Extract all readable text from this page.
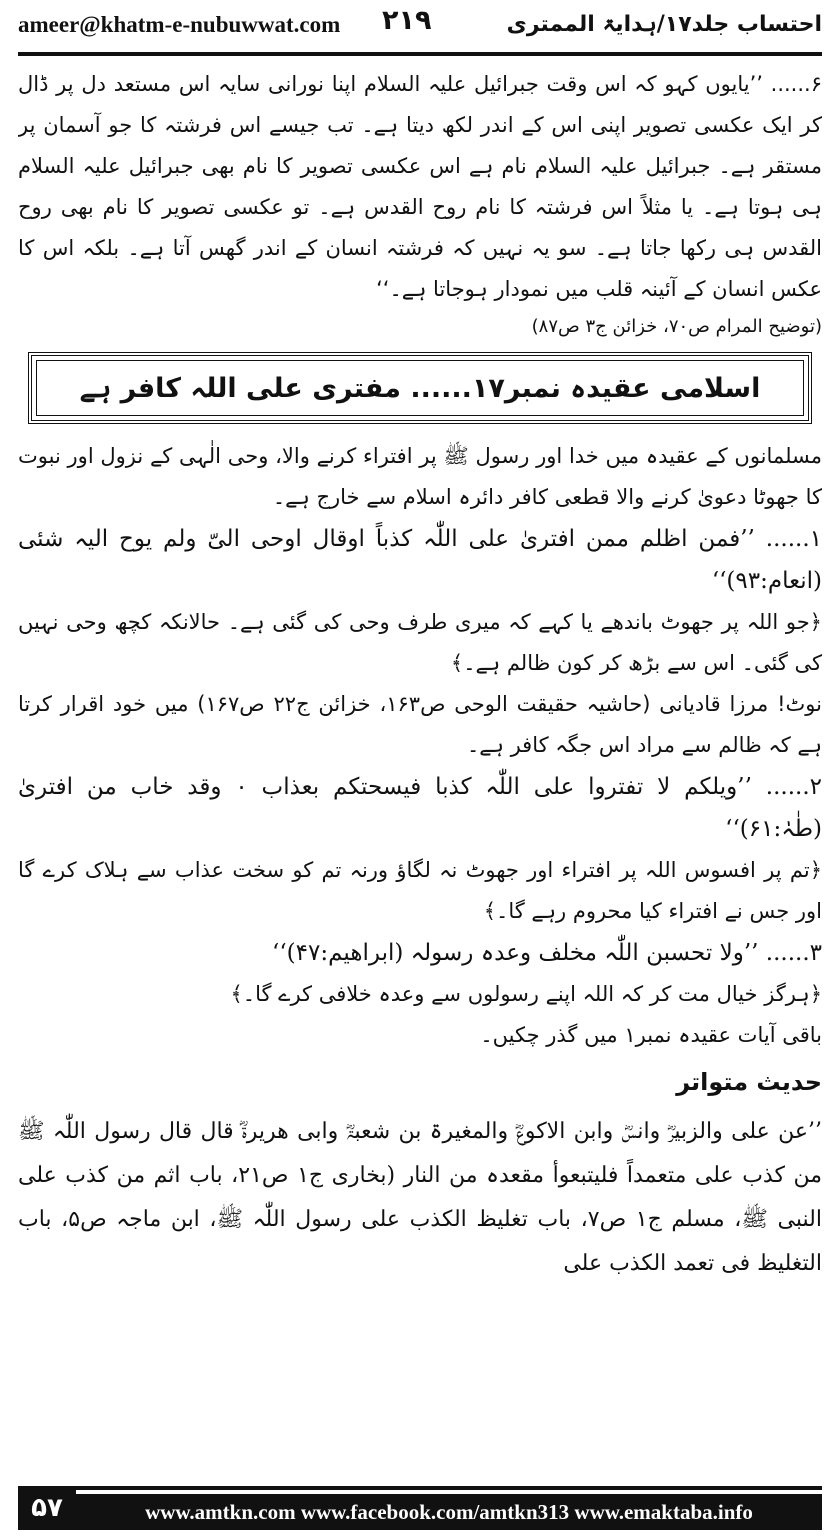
ameer@khatm-e-nubuwwat.com ۲۱۹	احتساب جلد۱۷/ہدایۃ الممتری

۶...... ’’یایوں کہو کہ اس وقت جبرائیل علیہ السلام اپنا نورانی سایہ اس مستعد دل پر ڈال کر ایک عکسی تصویر اپنی اس کے اندر لکھ دیتا ہے۔ تب جیسے اس فرشتہ کا جو آسمان پر مستقر ہے۔ جبرائیل علیہ السلام نام ہے اس عکسی تصویر کا نام بھی جبرائیل علیہ السلام ہی ہوتا ہے۔ یا مثلاً اس فرشتہ کا نام روح القدس ہے۔ تو عکسی تصویر کا نام بھی روح القدس ہی رکھا جاتا ہے۔ سو یہ نہیں کہ فرشتہ انسان کے اندر گھس آتا ہے۔ بلکہ اس کا عکس انسان کے آئینہ قلب میں نمودار ہوجاتا ہے۔‘‘

(توضیح المرام ص۷۰، خزائن ج۳ ص۸۷)

اسلامی عقیدہ نمبر۱۷...... مفتری علی اللہ کافر ہے

مسلمانوں کے عقیدہ میں خدا اور رسول ﷺ پر افتراء کرنے والا، وحی الٰہی کے نزول اور نبوت کا جھوٹا دعویٰ کرنے والا قطعی کافر دائرہ اسلام سے خارج ہے۔

۱...... ’’فمن اظلم ممن افتریٰ علی اللّٰہ کذباً اوقال اوحی الیّ ولم یوح الیہ شئی (انعام:۹۳)‘‘

﴿جو اللہ پر جھوٹ باندھے یا کہے کہ میری طرف وحی کی گئی ہے۔ حالانکہ کچھ وحی نہیں کی گئی۔ اس سے بڑھ کر کون ظالم ہے۔﴾

نوٹ! مرزا قادیانی (حاشیہ حقیقت الوحی ص۱۶۳، خزائن ج۲۲ ص۱۶۷) میں خود اقرار کرتا ہے کہ ظالم سے مراد اس جگہ کافر ہے۔

۲...... ’’ویلکم لا تفتروا علی اللّٰہ کذبا فیسحتکم بعذاب ۰ وقد خاب من افتریٰ (طٰہٰ:۶۱)‘‘

﴿تم پر افسوس اللہ پر افتراء اور جھوٹ نہ لگاؤ ورنہ تم کو سخت عذاب سے ہلاک کرے گا اور جس نے افتراء کیا محروم رہے گا۔﴾

۳...... ’’ولا تحسبن اللّٰہ مخلف وعدہ رسولہ (ابراھیم:۴۷)‘‘

﴿ہرگز خیال مت کر کہ اللہ اپنے رسولوں سے وعدہ خلافی کرے گا۔﴾

باقی آیات عقیدہ نمبر۱ میں گذر چکیں۔

حدیث متواتر

’’عن علی والزبیرؓ وانسؓ وابن الاکوعؓ والمغیرۃ بن شعبۃؓ وابی ھریرۃؓ قال قال رسول اللّٰہ ﷺ من کذب علی متعمداً فلیتبعوأ مقعدہ من النار (بخاری ج۱ ص۲۱، باب اثم من کذب علی النبی ﷺ، مسلم ج۱ ص۷، باب تغلیظ الکذب علی رسول اللّٰہ ﷺ، ابن ماجہ ص۵، باب التغلیظ فی تعمد الکذب علی

۵۷	www.amtkn.com www.facebook.com/amtkn313 www.emaktaba.info
